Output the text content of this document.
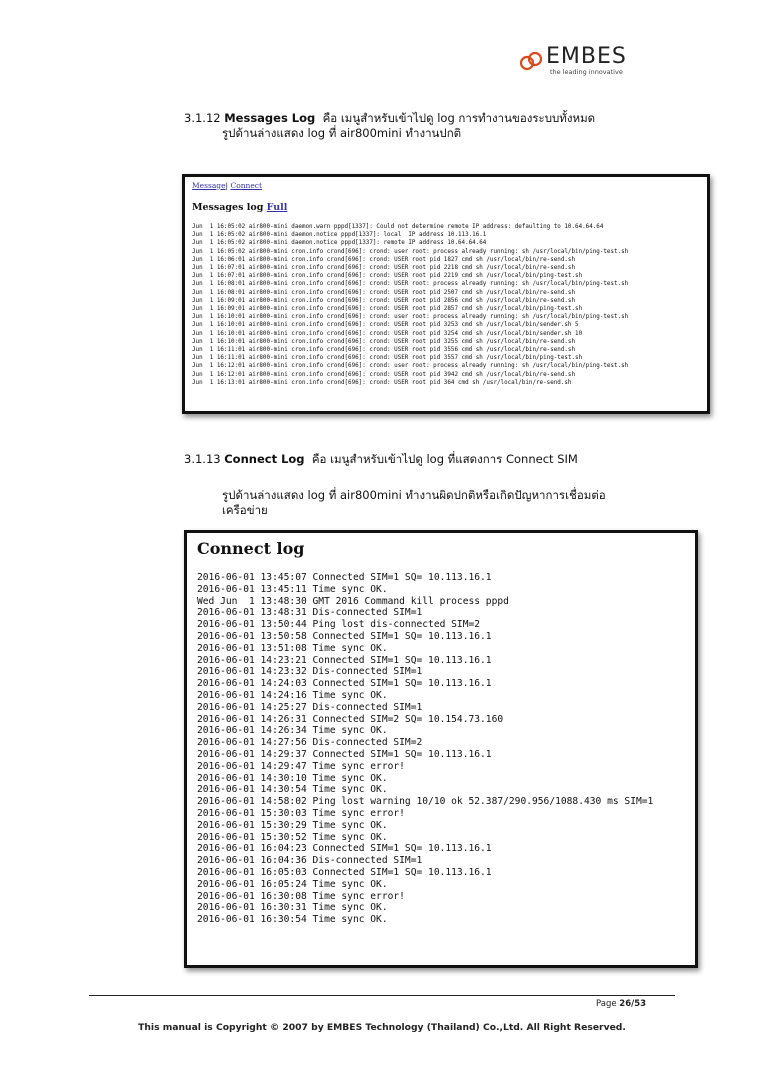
EMBES
the leading innovative
3.1.12 Messages Log คือ เมนูสำหรับเข้าไปดู log การทำงานของระบบทั้งหมด
รูปด้านล่างแสดง log ที่ air800mini ทำงานปกติ
Message| Connect
Messages log Full
Jun  1 16:05:02 air800-mini daemon.warn pppd[1337]: Could not determine remote IP address: defaulting to 10.64.64.64
Jun  1 16:05:02 air800-mini daemon.notice pppd[1337]: local  IP address 10.113.16.1
Jun  1 16:05:02 air800-mini daemon.notice pppd[1337]: remote IP address 10.64.64.64
Jun  1 16:05:02 air800-mini cron.info crond[696]: crond: user root: process already running: sh /usr/local/bin/ping-test.sh
Jun  1 16:06:01 air800-mini cron.info crond[696]: crond: USER root pid 1827 cmd sh /usr/local/bin/re-send.sh
Jun  1 16:07:01 air800-mini cron.info crond[696]: crond: USER root pid 2218 cmd sh /usr/local/bin/re-send.sh
Jun  1 16:07:01 air800-mini cron.info crond[696]: crond: USER root pid 2219 cmd sh /usr/local/bin/ping-test.sh
Jun  1 16:08:01 air800-mini cron.info crond[696]: crond: USER root: process already running: sh /usr/local/bin/ping-test.sh
Jun  1 16:08:01 air800-mini cron.info crond[696]: crond: USER root pid 2507 cmd sh /usr/local/bin/re-send.sh
Jun  1 16:09:01 air800-mini cron.info crond[696]: crond: USER root pid 2856 cmd sh /usr/local/bin/re-send.sh
Jun  1 16:09:01 air800-mini cron.info crond[696]: crond: USER root pid 2857 cmd sh /usr/local/bin/ping-test.sh
Jun  1 16:10:01 air800-mini cron.info crond[696]: crond: user root: process already running: sh /usr/local/bin/ping-test.sh
Jun  1 16:10:01 air800-mini cron.info crond[696]: crond: USER root pid 3253 cmd sh /usr/local/bin/sender.sh 5
Jun  1 16:10:01 air800-mini cron.info crond[696]: crond: USER root pid 3254 cmd sh /usr/local/bin/sender.sh 10
Jun  1 16:10:01 air800-mini cron.info crond[696]: crond: USER root pid 3255 cmd sh /usr/local/bin/re-send.sh
Jun  1 16:11:01 air800-mini cron.info crond[696]: crond: USER root pid 3556 cmd sh /usr/local/bin/re-send.sh
Jun  1 16:11:01 air800-mini cron.info crond[696]: crond: USER root pid 3557 cmd sh /usr/local/bin/ping-test.sh
Jun  1 16:12:01 air800-mini cron.info crond[696]: crond: user root: process already running: sh /usr/local/bin/ping-test.sh
Jun  1 16:12:01 air800-mini cron.info crond[696]: crond: USER root pid 3942 cmd sh /usr/local/bin/re-send.sh
Jun  1 16:13:01 air800-mini cron.info crond[696]: crond: USER root pid 364 cmd sh /usr/local/bin/re-send.sh
3.1.13 Connect Log คือ เมนูสำหรับเข้าไปดู log ที่แสดงการ Connect SIM
รูปด้านล่างแสดง log ที่ air800mini ทำงานผิดปกติหรือเกิดปัญหาการเชื่อมต่อ
เครือข่าย
Connect log
2016-06-01 13:45:07 Connected SIM=1 SQ= 10.113.16.1
2016-06-01 13:45:11 Time sync OK.
Wed Jun  1 13:48:30 GMT 2016 Command kill process pppd
2016-06-01 13:48:31 Dis-connected SIM=1
2016-06-01 13:50:44 Ping lost dis-connected SIM=2
2016-06-01 13:50:58 Connected SIM=1 SQ= 10.113.16.1
2016-06-01 13:51:08 Time sync OK.
2016-06-01 14:23:21 Connected SIM=1 SQ= 10.113.16.1
2016-06-01 14:23:32 Dis-connected SIM=1
2016-06-01 14:24:03 Connected SIM=1 SQ= 10.113.16.1
2016-06-01 14:24:16 Time sync OK.
2016-06-01 14:25:27 Dis-connected SIM=1
2016-06-01 14:26:31 Connected SIM=2 SQ= 10.154.73.160
2016-06-01 14:26:34 Time sync OK.
2016-06-01 14:27:56 Dis-connected SIM=2
2016-06-01 14:29:37 Connected SIM=1 SQ= 10.113.16.1
2016-06-01 14:29:47 Time sync error!
2016-06-01 14:30:10 Time sync OK.
2016-06-01 14:30:54 Time sync OK.
2016-06-01 14:58:02 Ping lost warning 10/10 ok 52.387/290.956/1088.430 ms SIM=1
2016-06-01 15:30:03 Time sync error!
2016-06-01 15:30:29 Time sync OK.
2016-06-01 15:30:52 Time sync OK.
2016-06-01 16:04:23 Connected SIM=1 SQ= 10.113.16.1
2016-06-01 16:04:36 Dis-connected SIM=1
2016-06-01 16:05:03 Connected SIM=1 SQ= 10.113.16.1
2016-06-01 16:05:24 Time sync OK.
2016-06-01 16:30:08 Time sync error!
2016-06-01 16:30:31 Time sync OK.
2016-06-01 16:30:54 Time sync OK.
Page 26/53
This manual is Copyright © 2007 by EMBES Technology (Thailand) Co.,Ltd. All Right Reserved.
